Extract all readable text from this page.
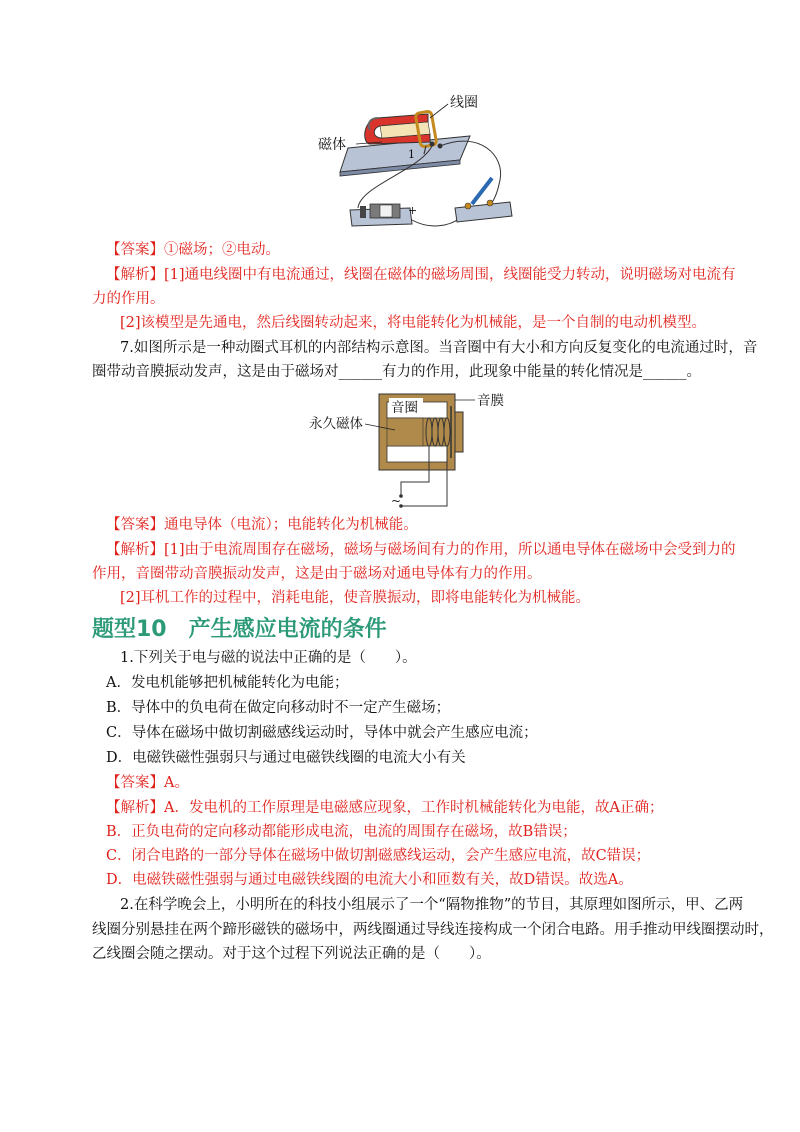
线圈
磁体
1
+
【答案】①磁场；②电动。
【解析】[1]通电线圈中有电流通过，线圈在磁体的磁场周围，线圈能受力转动，说明磁场对电流有
力的作用。
[2]该模型是先通电，然后线圈转动起来，将电能转化为机械能，是一个自制的电动机模型。
7.如图所示是一种动圈式耳机的内部结构示意图。当音圈中有大小和方向反复变化的电流通过时，音
圈带动音膜振动发声，这是由于磁场对______有力的作用，此现象中能量的转化情况是______。
音圈	音膜
永久磁体
~
【答案】通电导体（电流）；电能转化为机械能。
【解析】[1]由于电流周围存在磁场，磁场与磁场间有力的作用，所以通电导体在磁场中会受到力的
作用，音圈带动音膜振动发声，这是由于磁场对通电导体有力的作用。
[2]耳机工作的过程中，消耗电能，使音膜振动，即将电能转化为机械能。
题型10 产生感应电流的条件
1.下列关于电与磁的说法中正确的是（　　）。
A．发电机能够把机械能转化为电能；
B．导体中的负电荷在做定向移动时不一定产生磁场；
C．导体在磁场中做切割磁感线运动时，导体中就会产生感应电流；
D．电磁铁磁性强弱只与通过电磁铁线圈的电流大小有关
【答案】A。
【解析】A．发电机的工作原理是电磁感应现象，工作时机械能转化为电能，故A正确；
B．正负电荷的定向移动都能形成电流，电流的周围存在磁场，故B错误；
C．闭合电路的一部分导体在磁场中做切割磁感线运动，会产生感应电流，故C错误；
D．电磁铁磁性强弱与通过电磁铁线圈的电流大小和匝数有关，故D错误。故选A。
2.在科学晚会上，小明所在的科技小组展示了一个“隔物推物”的节目，其原理如图所示，甲、乙两
线圈分别悬挂在两个蹄形磁铁的磁场中，两线圈通过导线连接构成一个闭合电路。用手推动甲线圈摆动时，
乙线圈会随之摆动。对于这个过程下列说法正确的是（　　）。
